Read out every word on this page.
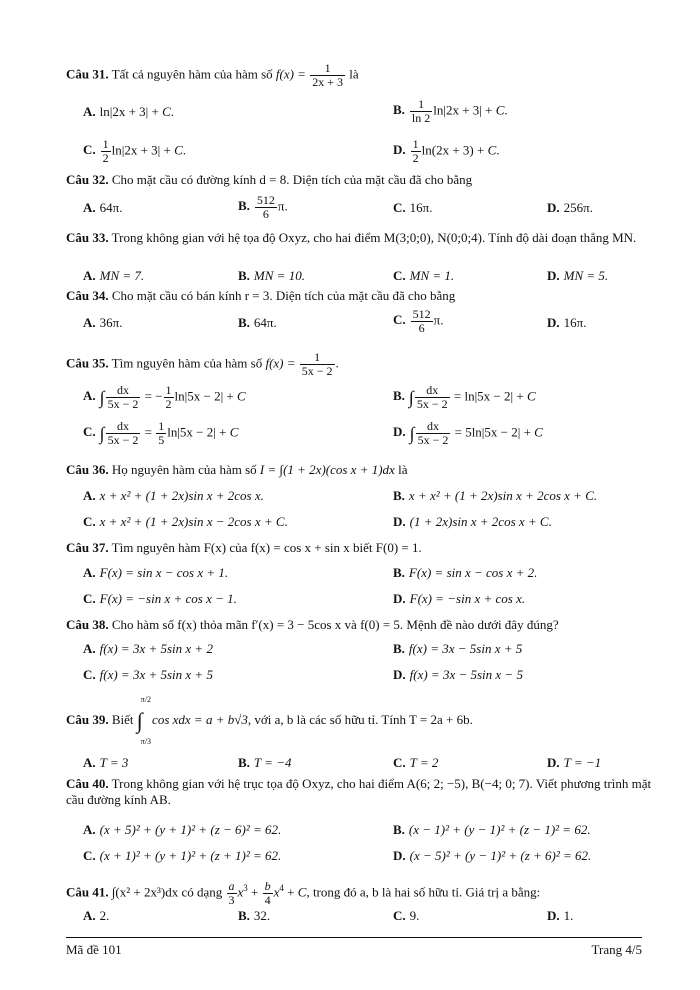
Câu 31. Tất cả nguyên hàm của hàm số $f(x) = \frac{1}{2x + 3}$ là
A. ln|2x + 3| + C.	B. $\frac{1}{\ln 2} \ln|2x + 3| + C$.
C. $\frac{1}{2} \ln|2x + 3| + C$.	D. $\frac{1}{2} \ln(2x + 3) + C$.
Câu 32. Cho mặt cầu có đường kính d = 8. Diện tích của mặt cầu đã cho bằng
A. 64π.	B. $\frac{512}{6} \pi$.	C. 16π.	D. 256π.
Câu 33. Trong không gian với hệ tọa độ Oxyz, cho hai điểm M(3;0;0), N(0;0;4). Tính độ dài đoạn thẳng MN.
A. MN = 7.	B. MN = 10.	C. MN = 1.	D. MN = 5.
Câu 34. Cho mặt cầu có bán kính r = 3. Diện tích của mặt cầu đã cho bằng
A. 36π.	B. 64π.	C. $\frac{512}{6} \pi$.	D. 16π.
Câu 35. Tìm nguyên hàm của hàm số $f(x) = \frac{1}{5x - 2}$ .
A. ∫ $\frac{dx}{5x - 2}$ = − $\frac{1}{2} \ln|5x - 2| + C$	B. ∫ $\frac{dx}{5x - 2} = \ln|5x - 2| + C$
C. ∫ $\frac{dx}{5x - 2} = \frac{1}{5} \ln|5x - 2| + C$	D. ∫ $\frac{dx}{5x - 2} = 5\ln|5x - 2| + C$
Câu 36. Họ nguyên hàm của hàm số I = ∫(1 + 2x)(cos x + 1)dx là
A. x + x² + (1 + 2x)sin x + 2cos x.	B. x + x² + (1 + 2x)sin x + 2cos x + C.
C. x + x² + (1 + 2x)sin x − 2cos x + C.	D. (1 + 2x)sin x + 2cos x + C.
Câu 37. Tìm nguyên hàm F(x) của f(x) = cos x + sin x biết F(0) = 1.
A. F(x) = sin x − cos x + 1.	B. F(x) = sin x − cos x + 2.
C. F(x) = −sin x + cos x − 1.	D. F(x) = −sin x + cos x.
Câu 38. Cho hàm số f(x) thỏa mãn f′(x) = 3 − 5cos x và f(0) = 5. Mệnh đề nào dưới đây đúng?
A. f(x) = 3x + 5sin x + 2	B. f(x) = 3x − 5sin x + 5
C. f(x) = 3x + 5sin x + 5	D. f(x) = 3x − 5sin x − 5
Câu 39. Biết ∫
π/2
π/3
cos xdx = a + b√3, với a, b là các số hữu tỉ. Tính T = 2a + 6b.
A. T = 3	B. T = −4	C. T = 2	D. T = −1
Câu 40. Trong không gian với hệ trục tọa độ Oxyz, cho hai điểm A(6; 2; −5), B(−4; 0; 7). Viết phương trình mặt cầu đường kính AB.
A. (x + 5)² + (y + 1)² + (z − 6)² = 62.	B. (x − 1)² + (y − 1)² + (z − 1)² = 62.
C. (x + 1)² + (y + 1)² + (z + 1)² = 62.	D. (x − 5)² + (y − 1)² + (z + 6)² = 62.
Câu 41. ∫(x² + 2x³)dx có dạng $\frac{a}{3} x^3 + \frac{b}{4} x^4 + C$, trong đó a, b là hai số hữu tỉ. Giá trị a bằng:
A. 2.	B. 32.	C. 9.	D. 1.
Mã đề 101	Trang 4/5
